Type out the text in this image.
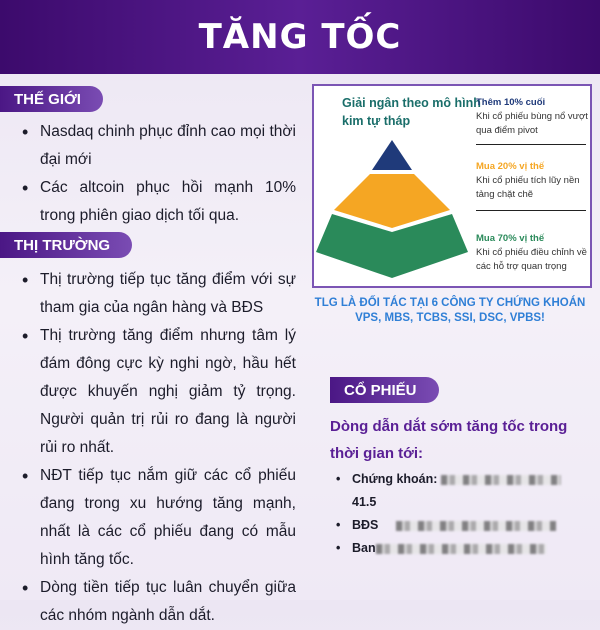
TĂNG TỐC
THẾ GIỚI
• Nasdaq chinh phục đỉnh cao mọi thời đại mới
• Các altcoin phục hồi mạnh 10% trong phiên giao dịch tối qua.
THỊ TRƯỜNG
• Thị trường tiếp tục tăng điểm với sự tham gia của ngân hàng và BĐS
• Thị trường tăng điểm nhưng tâm lý đám đông cực kỳ nghi ngờ, hầu hết được khuyến nghị giảm tỷ trọng. Người quản trị rủi ro đang là người rủi ro nhất.
• NĐT tiếp tục nắm giữ các cổ phiếu đang trong xu hướng tăng mạnh, nhất là các cổ phiếu đang có mẫu hình tăng tốc.
• Dòng tiền tiếp tục luân chuyển giữa các nhóm ngành dẫn dắt.
Giải ngân theo mô hình kim tự tháp
Thêm 10% cuối
Khi cổ phiếu bùng nổ vượt qua điểm pivot
Mua 20% vị thế
Khi cổ phiếu tích lũy nền tảng chặt chẽ
Mua 70% vị thế
Khi cổ phiếu điều chỉnh về các hỗ trợ quan trọng
TLG LÀ ĐỐI TÁC TẠI 6 CÔNG TY CHỨNG KHOÁN VPS, MBS, TCBS, SSI, DSC, VPBS!
CỔ PHIẾU
Dòng dẫn dắt sớm tăng tốc trong thời gian tới:
• Chứng khoán:
41.5
• BĐS
• Ban
